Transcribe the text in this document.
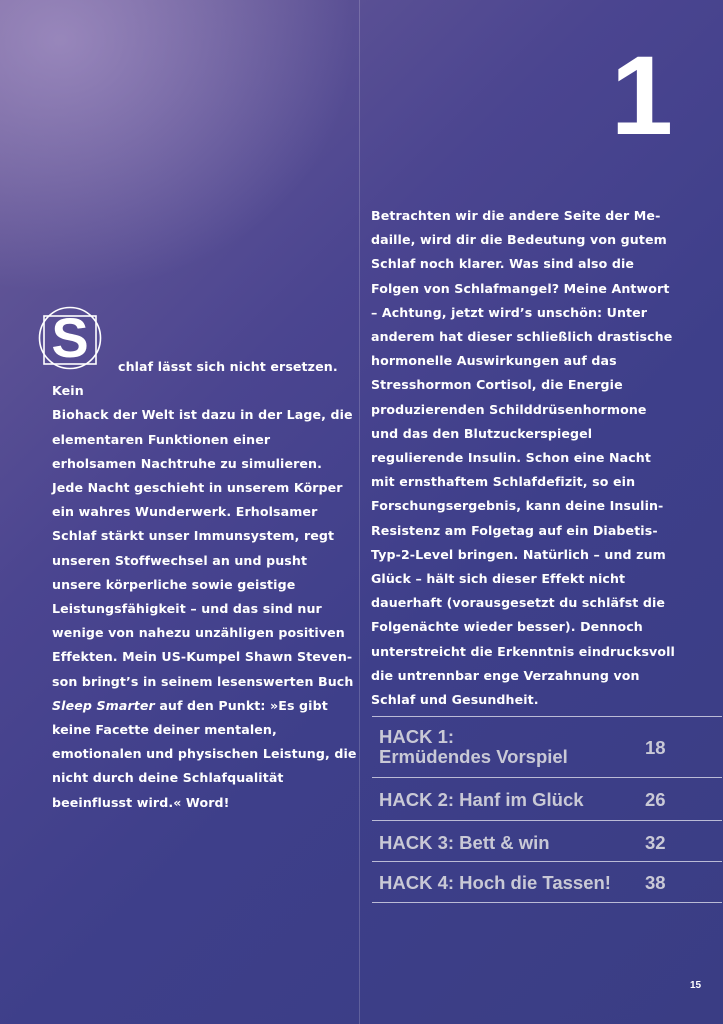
1
S	chlaf lässt sich nicht ersetzen. Kein
Biohack der Welt ist dazu in der Lage, die elementaren Funktionen einer erholsamen Nachtruhe zu simulieren. Jede Nacht geschieht in unserem Körper ein wahres Wunderwerk. Erholsamer Schlaf stärkt unser Immunsystem, regt unseren Stoffwechsel an und pusht unsere körperliche sowie geistige Leistungsfähigkeit – und das sind nur wenige von nahezu unzähligen positiven Effekten. Mein US-Kumpel Shawn Stevenson bringt’s in seinem lesenswerten Buch
Sleep Smarter auf den Punkt: »Es gibt keine Facette deiner mentalen, emotionalen und physischen Leistung, die nicht durch deine Schlafqualität beeinflusst wird.« Word!

Betrachten wir die andere Seite der Medaille, wird dir die Bedeutung von gutem Schlaf noch klarer. Was sind also die Folgen von Schlafmangel? Meine Antwort – Achtung, jetzt wird’s unschön: Unter anderem hat dieser schließlich drastische hormonelle Auswirkungen auf das Stresshormon Cortisol, die Energie produzierenden Schilddrüsenhormone und das den Blutzuckerspiegel regulierende Insulin. Schon eine Nacht mit ernsthaftem Schlafdefizit, so ein Forschungsergebnis, kann deine Insulin-Resistenz am Folgetag auf ein Diabetis-Typ-2-Level bringen. Natürlich – und zum Glück – hält sich dieser Effekt nicht dauerhaft (vorausgesetzt du schläfst die Folgenächte wieder besser). Dennoch unterstreicht die Erkenntnis eindrucksvoll die untrennbar enge Verzahnung von Schlaf und Gesundheit.

HACK 1:
Ermüdendes Vorspiel	18
HACK 2: Hanf im Glück	26
HACK 3: Bett & win	32
HACK 4: Hoch die Tassen! 38
15
